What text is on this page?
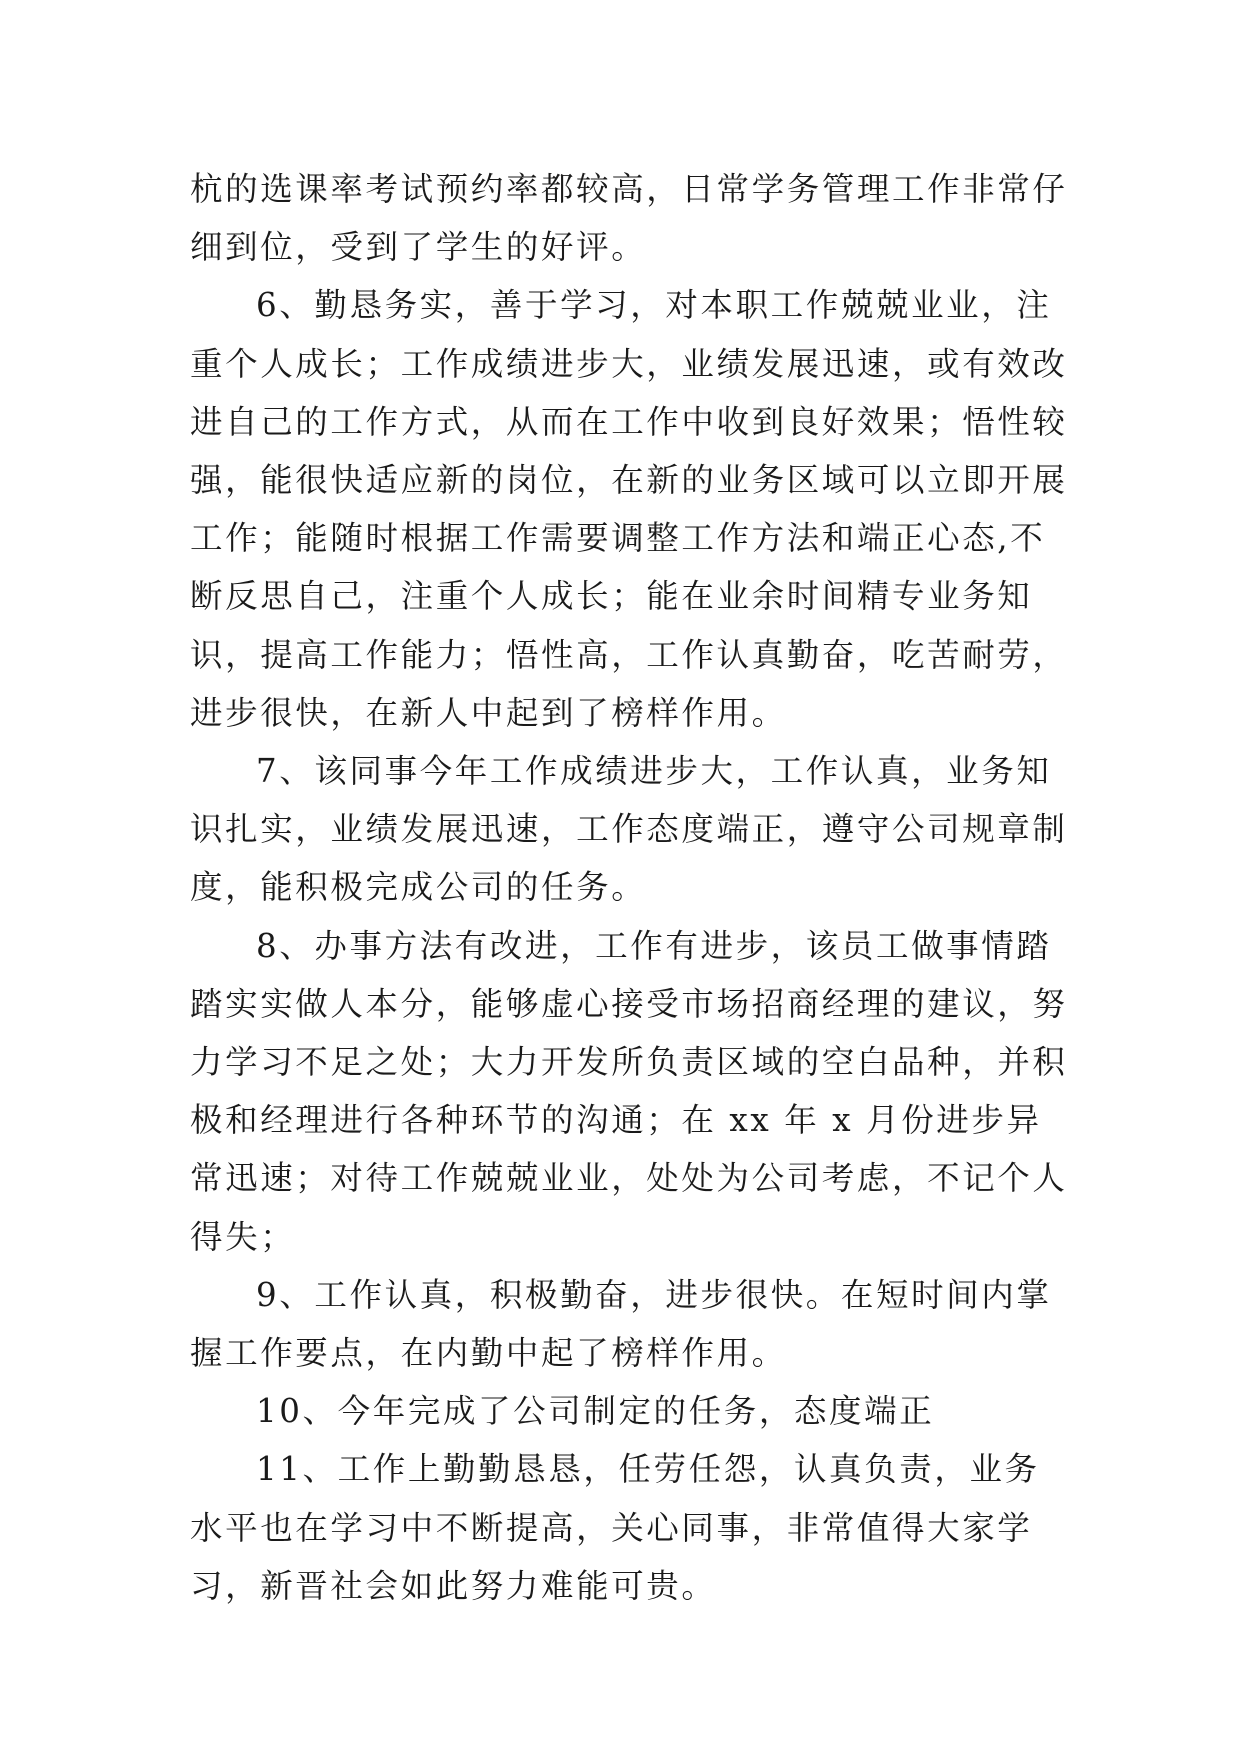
杭的选课率考试预约率都较高，日常学务管理工作非常仔细到位，受到了学生的好评。

6、勤恳务实，善于学习，对本职工作兢兢业业，注重个人成长；工作成绩进步大，业绩发展迅速，或有效改进自己的工作方式，从而在工作中收到良好效果；悟性较强，能很快适应新的岗位，在新的业务区域可以立即开展工作；能随时根据工作需要调整工作方法和端正心态,不断反思自己，注重个人成长；能在业余时间精专业务知识，提高工作能力；悟性高，工作认真勤奋，吃苦耐劳，进步很快，在新人中起到了榜样作用。

7、该同事今年工作成绩进步大，工作认真，业务知识扎实，业绩发展迅速，工作态度端正，遵守公司规章制度，能积极完成公司的任务。

8、办事方法有改进，工作有进步，该员工做事情踏踏实实做人本分，能够虚心接受市场招商经理的建议，努力学习不足之处；大力开发所负责区域的空白品种，并积极和经理进行各种环节的沟通；在 xx 年 x 月份进步异常迅速；对待工作兢兢业业，处处为公司考虑，不记个人得失；

9、工作认真，积极勤奋，进步很快。在短时间内掌握工作要点，在内勤中起了榜样作用。

10、今年完成了公司制定的任务，态度端正

11、工作上勤勤恳恳，任劳任怨，认真负责，业务水平也在学习中不断提高，关心同事，非常值得大家学习，新晋社会如此努力难能可贵。
